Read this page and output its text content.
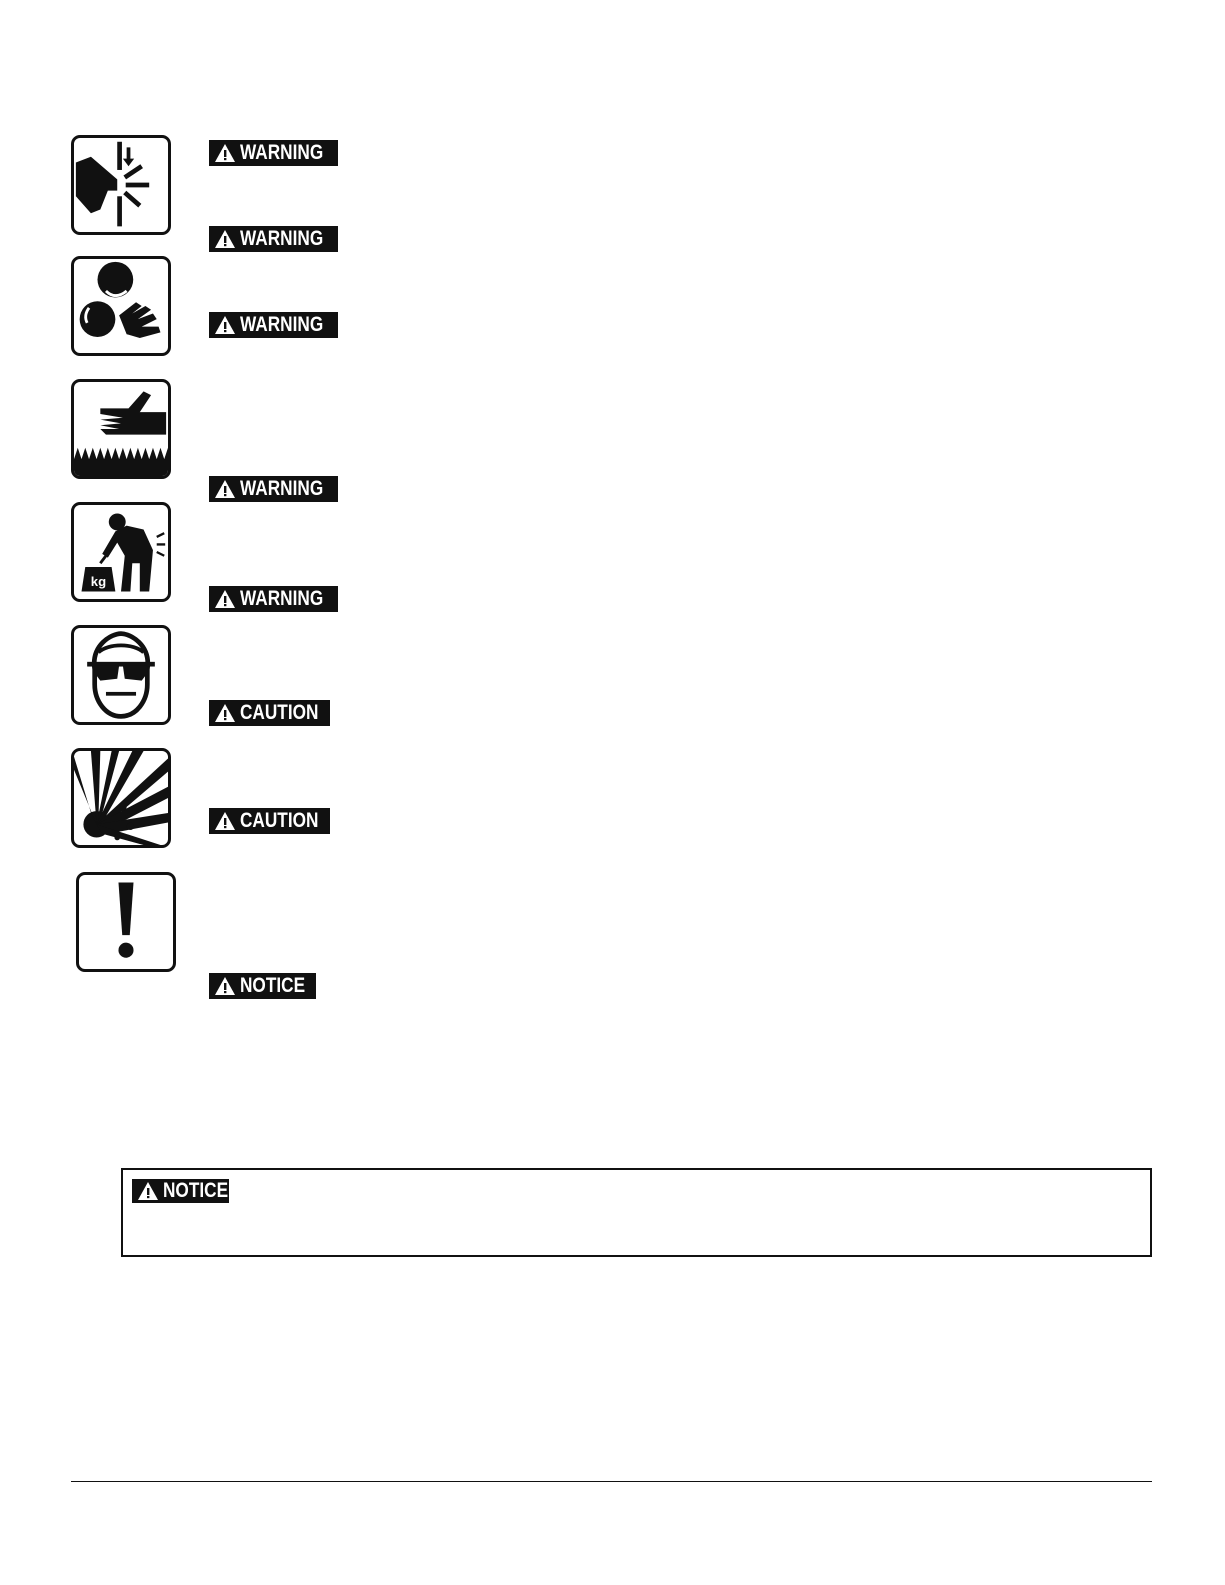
kg
WARNING
WARNING
WARNING
WARNING
WARNING
CAUTION
CAUTION
NOTICE
NOTICE
